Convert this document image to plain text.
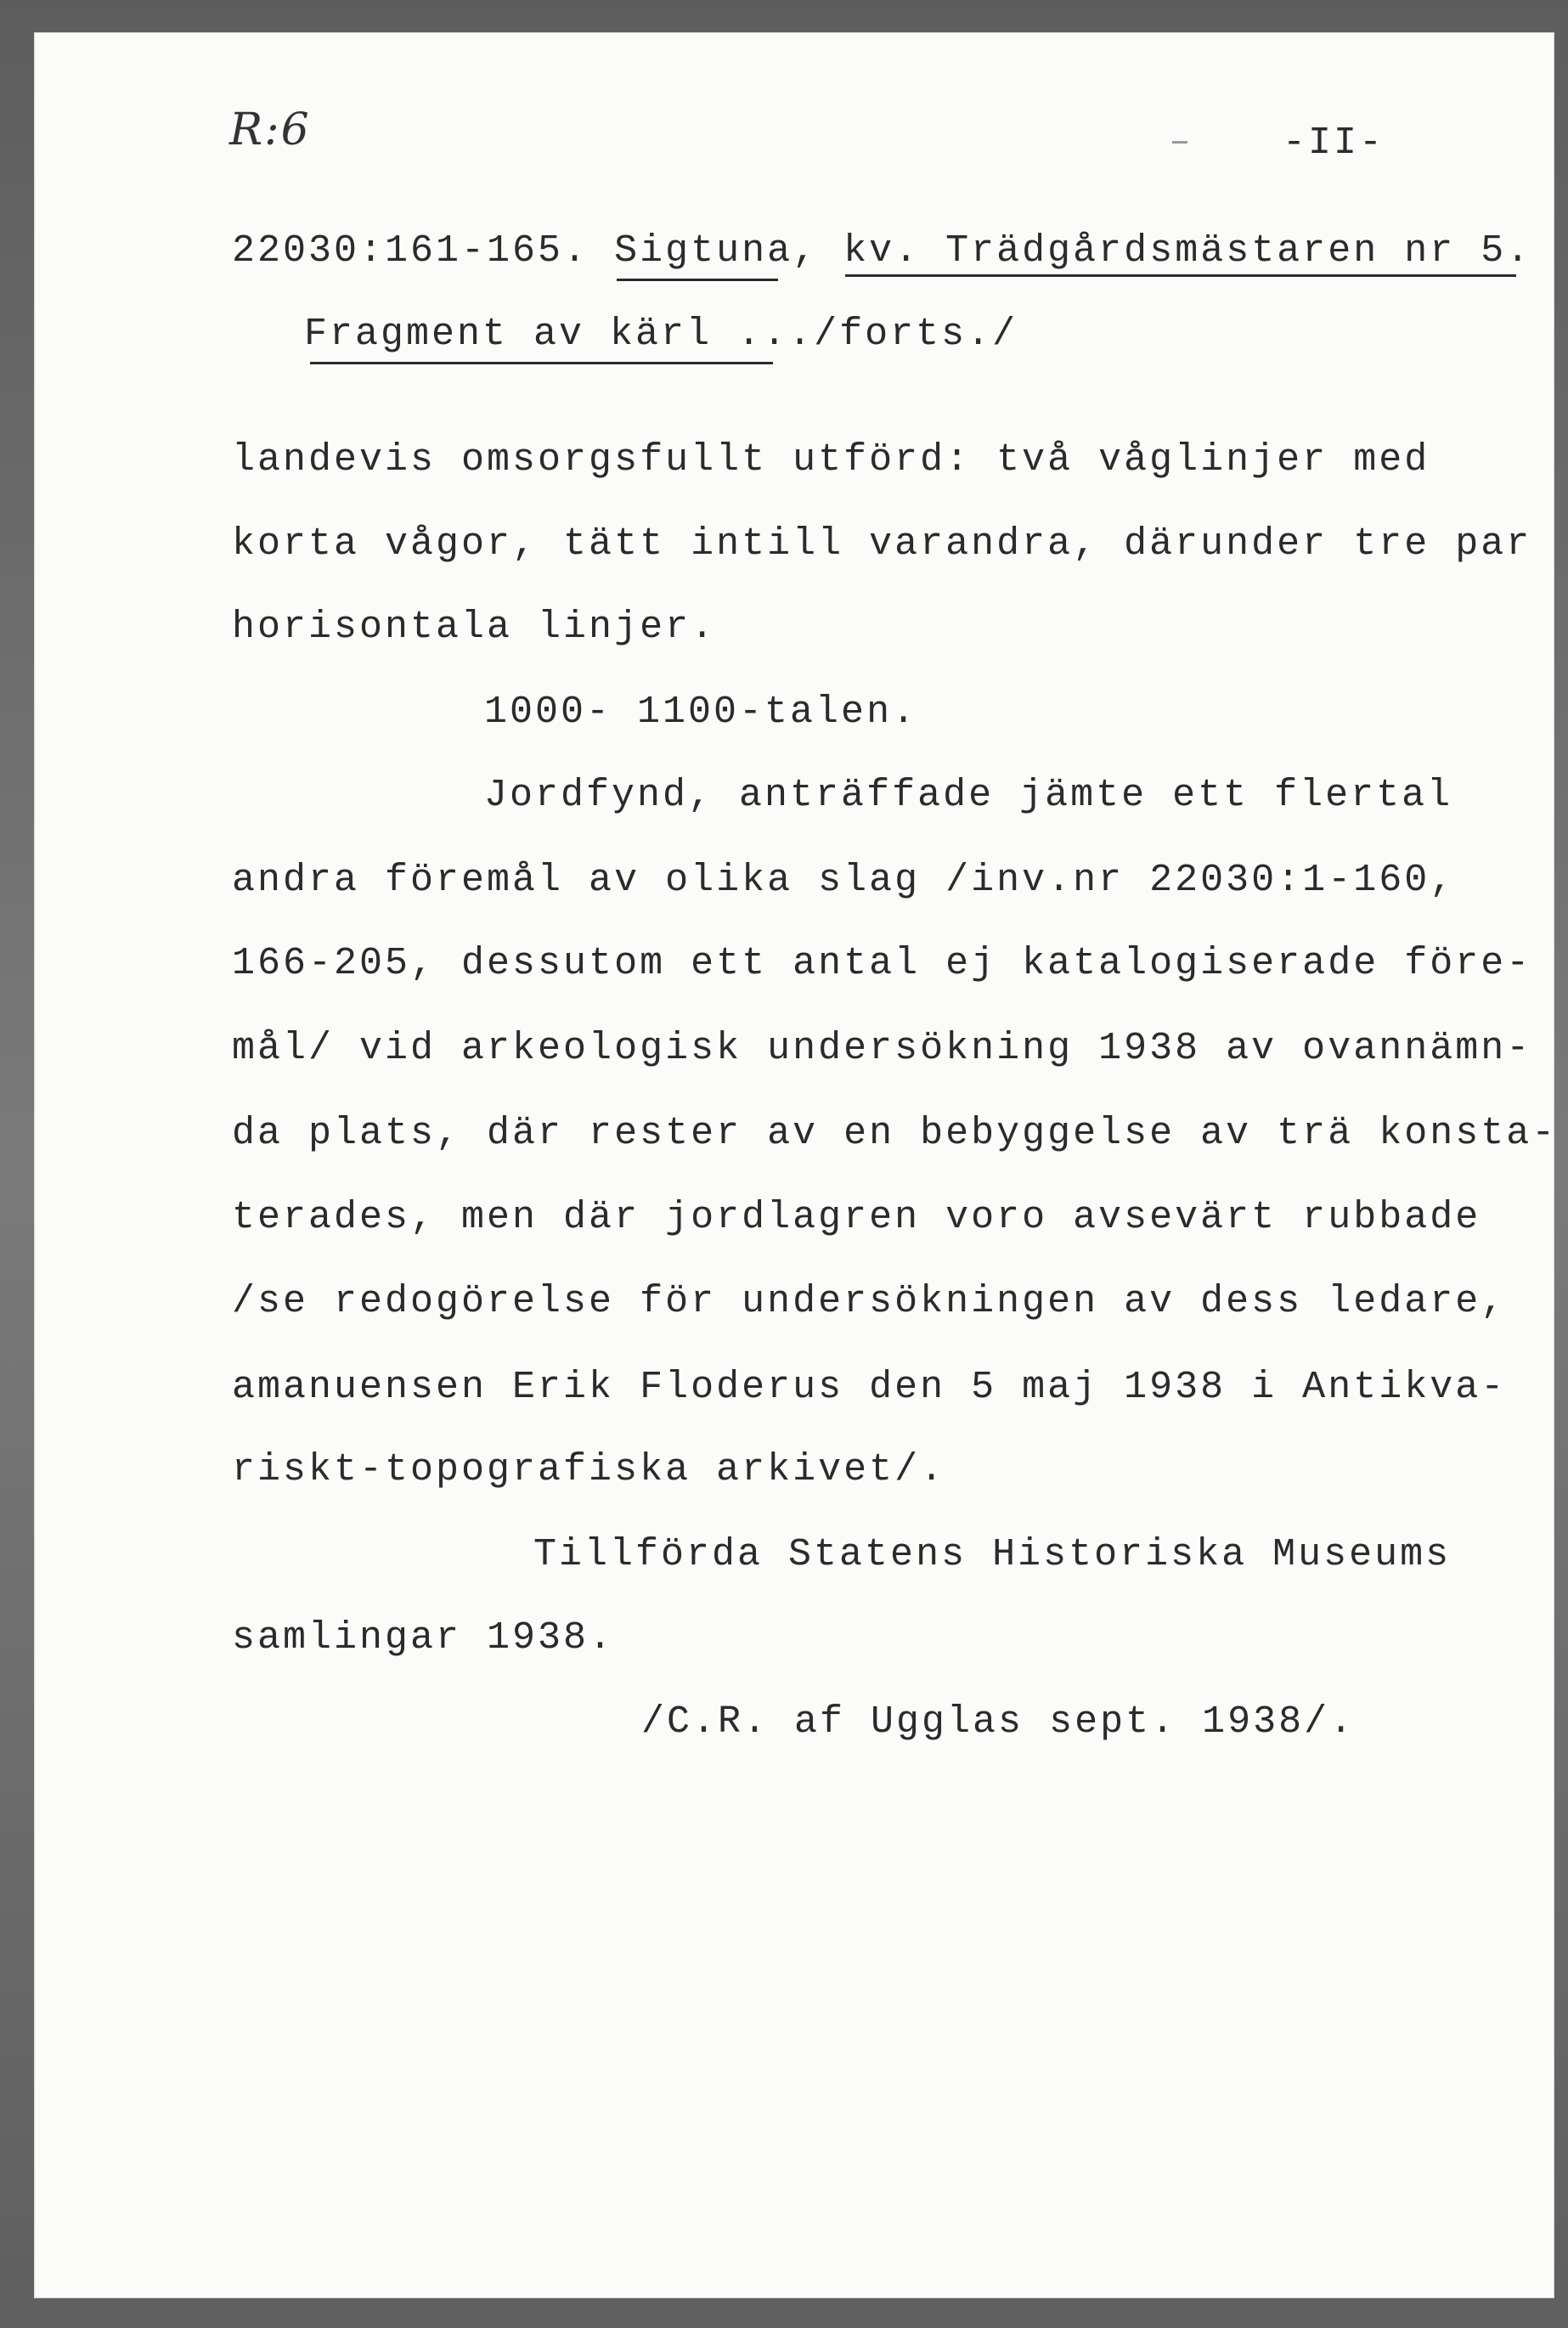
R:6	-II-
22030:161-165. Sigtuna, kv. Trädgårdsmästaren nr 5.
Fragment av kärl .../forts./
landevis omsorgsfullt utförd: två våglinjer med
korta vågor, tätt intill varandra, därunder tre par
horisontala linjer.
1000- 1100-talen.
Jordfynd, anträffade jämte ett flertal
andra föremål av olika slag /inv.nr 22030:1-160,
166-205, dessutom ett antal ej katalogiserade före-
mål/ vid arkeologisk undersökning 1938 av ovannämn-
da plats, där rester av en bebyggelse av trä konsta-
terades, men där jordlagren voro avsevärt rubbade
/se redogörelse för undersökningen av dess ledare,
amanuensen Erik Floderus den 5 maj 1938 i Antikva-
riskt-topografiska arkivet/.
Tillförda Statens Historiska Museums
samlingar 1938.
/C.R. af Ugglas sept. 1938/.
